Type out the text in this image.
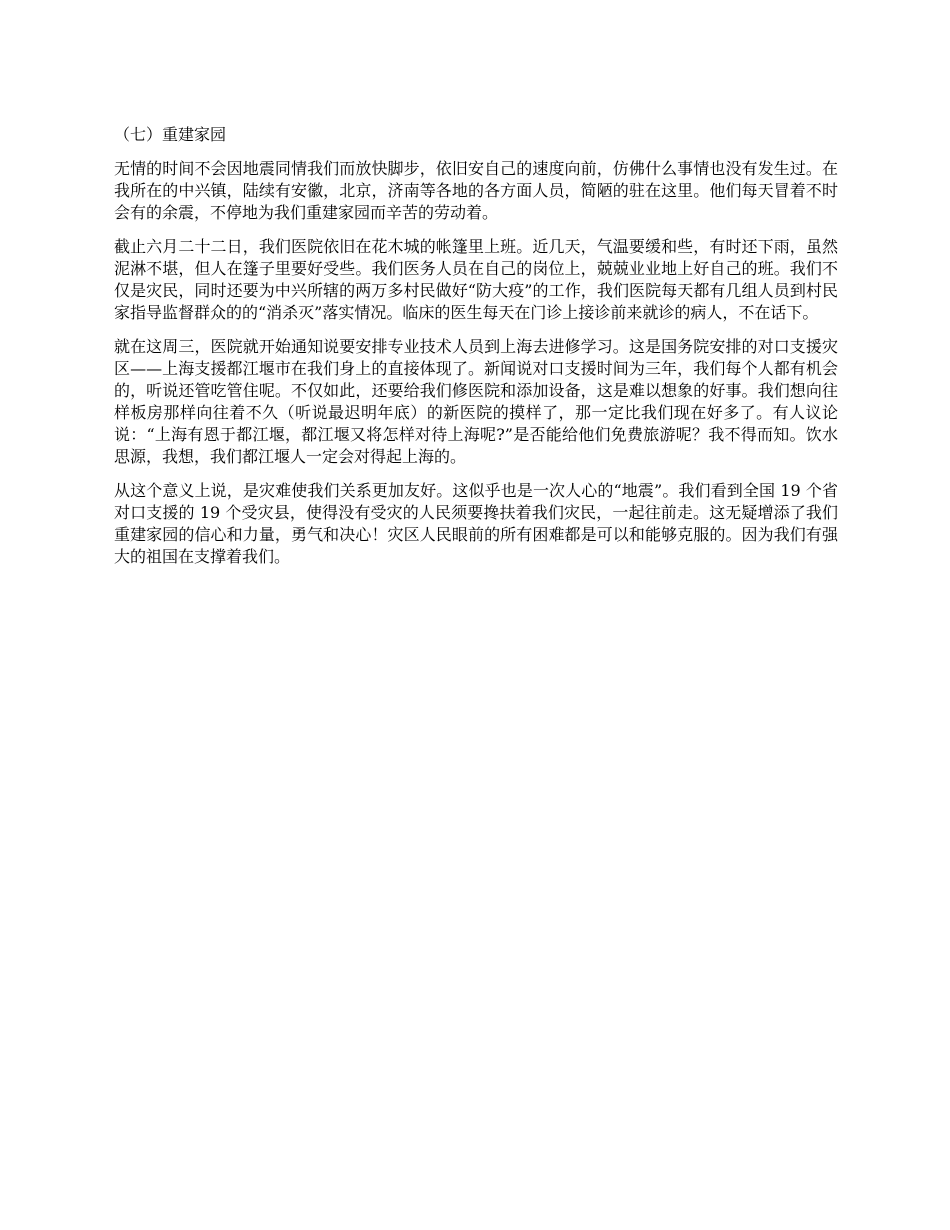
（七）重建家园

无情的时间不会因地震同情我们而放快脚步，依旧安自己的速度向前，仿佛什么事情也没有发生过。在我所在的中兴镇，陆续有安徽，北京，济南等各地的各方面人员，简陋的驻在这里。他们每天冒着不时会有的余震，不停地为我们重建家园而辛苦的劳动着。

截止六月二十二日，我们医院依旧在花木城的帐篷里上班。近几天，气温要缓和些，有时还下雨，虽然泥淋不堪，但人在篷子里要好受些。我们医务人员在自己的岗位上，兢兢业业地上好自己的班。我们不仅是灾民，同时还要为中兴所辖的两万多村民做好“防大疫”的工作，我们医院每天都有几组人员到村民家指导监督群众的的“消杀灭”落实情况。临床的医生每天在门诊上接诊前来就诊的病人，不在话下。

就在这周三，医院就开始通知说要安排专业技术人员到上海去进修学习。这是国务院安排的对口支援灾区——上海支援都江堰市在我们身上的直接体现了。新闻说对口支援时间为三年，我们每个人都有机会的，听说还管吃管住呢。不仅如此，还要给我们修医院和添加设备，这是难以想象的好事。我们想向往样板房那样向往着不久（听说最迟明年底）的新医院的摸样了，那一定比我们现在好多了。有人议论说：“上海有恩于都江堰，都江堰又将怎样对待上海呢?”是否能给他们免费旅游呢？我不得而知。饮水思源，我想，我们都江堰人一定会对得起上海的。

从这个意义上说，是灾难使我们关系更加友好。这似乎也是一次人心的“地震”。我们看到全国 19 个省对口支援的 19 个受灾县，使得没有受灾的人民须要搀扶着我们灾民，一起往前走。这无疑增添了我们重建家园的信心和力量，勇气和决心！灾区人民眼前的所有困难都是可以和能够克服的。因为我们有强大的祖国在支撑着我们。
